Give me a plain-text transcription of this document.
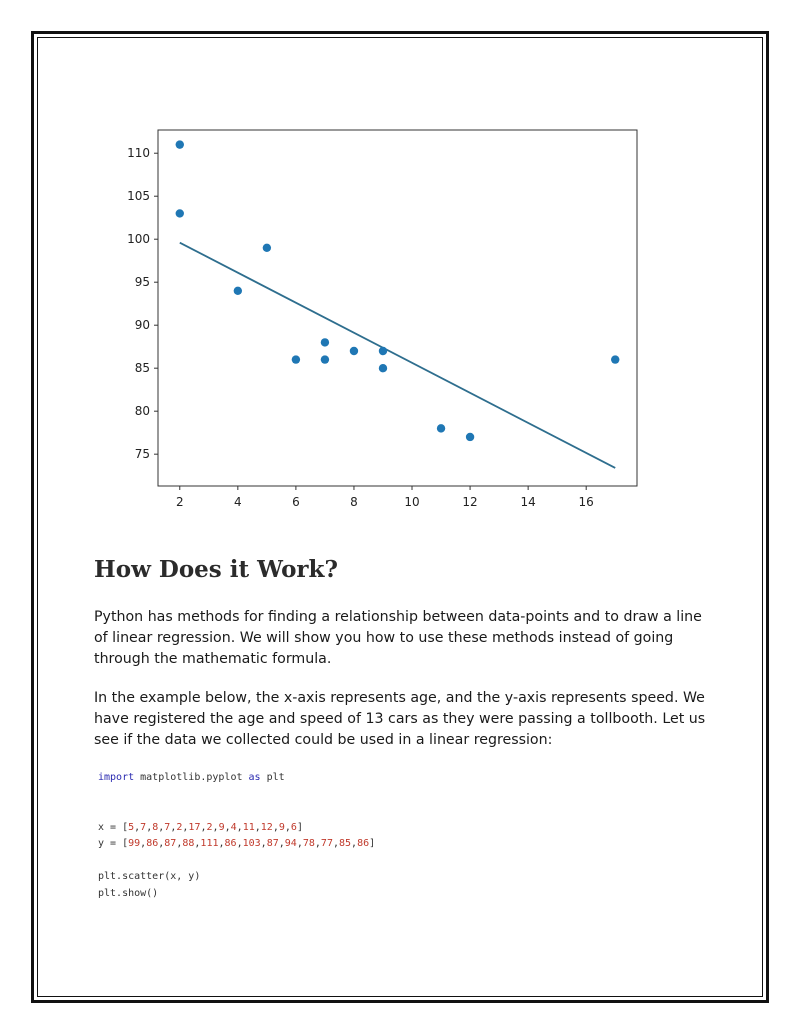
2	4	6	8	10	12	14	16
75
80
85
90
95
100
105
110
How Does it Work?

Python has methods for finding a relationship between data-points and to draw a line of linear regression. We will show you how to use these methods instead of going through the mathematic formula.

In the example below, the x-axis represents age, and the y-axis represents speed. We have registered the age and speed of 13 cars as they were passing a tollbooth. Let us see if the data we collected could be used in a linear regression:

import matplotlib.pyplot as plt
x = [5,7,8,7,2,17,2,9,4,11,12,9,6]
y = [99,86,87,88,111,86,103,87,94,78,77,85,86]
plt.scatter(x, y)
plt.show()
